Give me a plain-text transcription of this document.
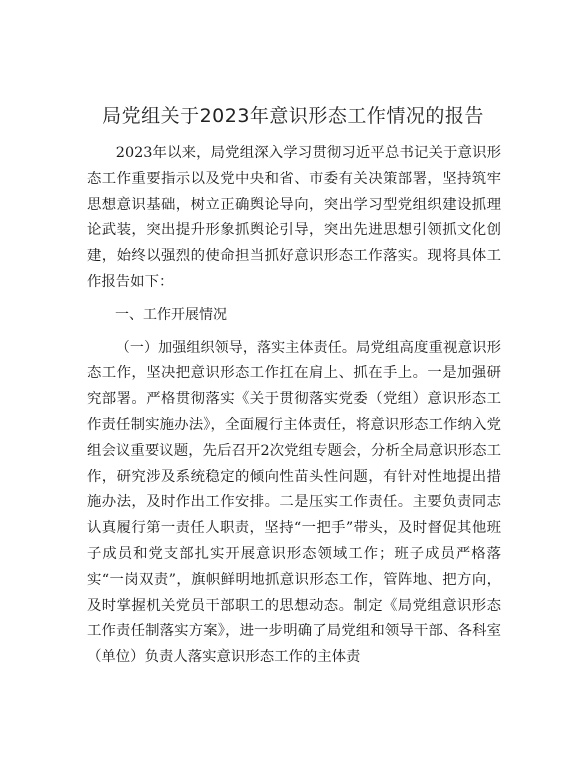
局党组关于2023年意识形态工作情况的报告

2023年以来，局党组深入学习贯彻习近平总书记关于意识形态工作重要指示以及党中央和省、市委有关决策部署，坚持筑牢思想意识基础，树立正确舆论导向，突出学习型党组织建设抓理论武装，突出提升形象抓舆论引导，突出先进思想引领抓文化创建，始终以强烈的使命担当抓好意识形态工作落实。现将具体工作报告如下：

一、工作开展情况

（一）加强组织领导，落实主体责任。局党组高度重视意识形态工作，坚决把意识形态工作扛在肩上、抓在手上。一是加强研究部署。严格贯彻落实《关于贯彻落实党委（党组）意识形态工作责任制实施办法》，全面履行主体责任，将意识形态工作纳入党组会议重要议题，先后召开2次党组专题会，分析全局意识形态工作，研究涉及系统稳定的倾向性苗头性问题，有针对性地提出措施办法，及时作出工作安排。二是压实工作责任。主要负责同志认真履行第一责任人职责，坚持“一把手”带头，及时督促其他班子成员和党支部扎实开展意识形态领域工作；班子成员严格落实“一岗双责”，旗帜鲜明地抓意识形态工作，管阵地、把方向，及时掌握机关党员干部职工的思想动态。制定《局党组意识形态工作责任制落实方案》，进一步明确了局党组和领导干部、各科室（单位）负责人落实意识形态工作的主体责
